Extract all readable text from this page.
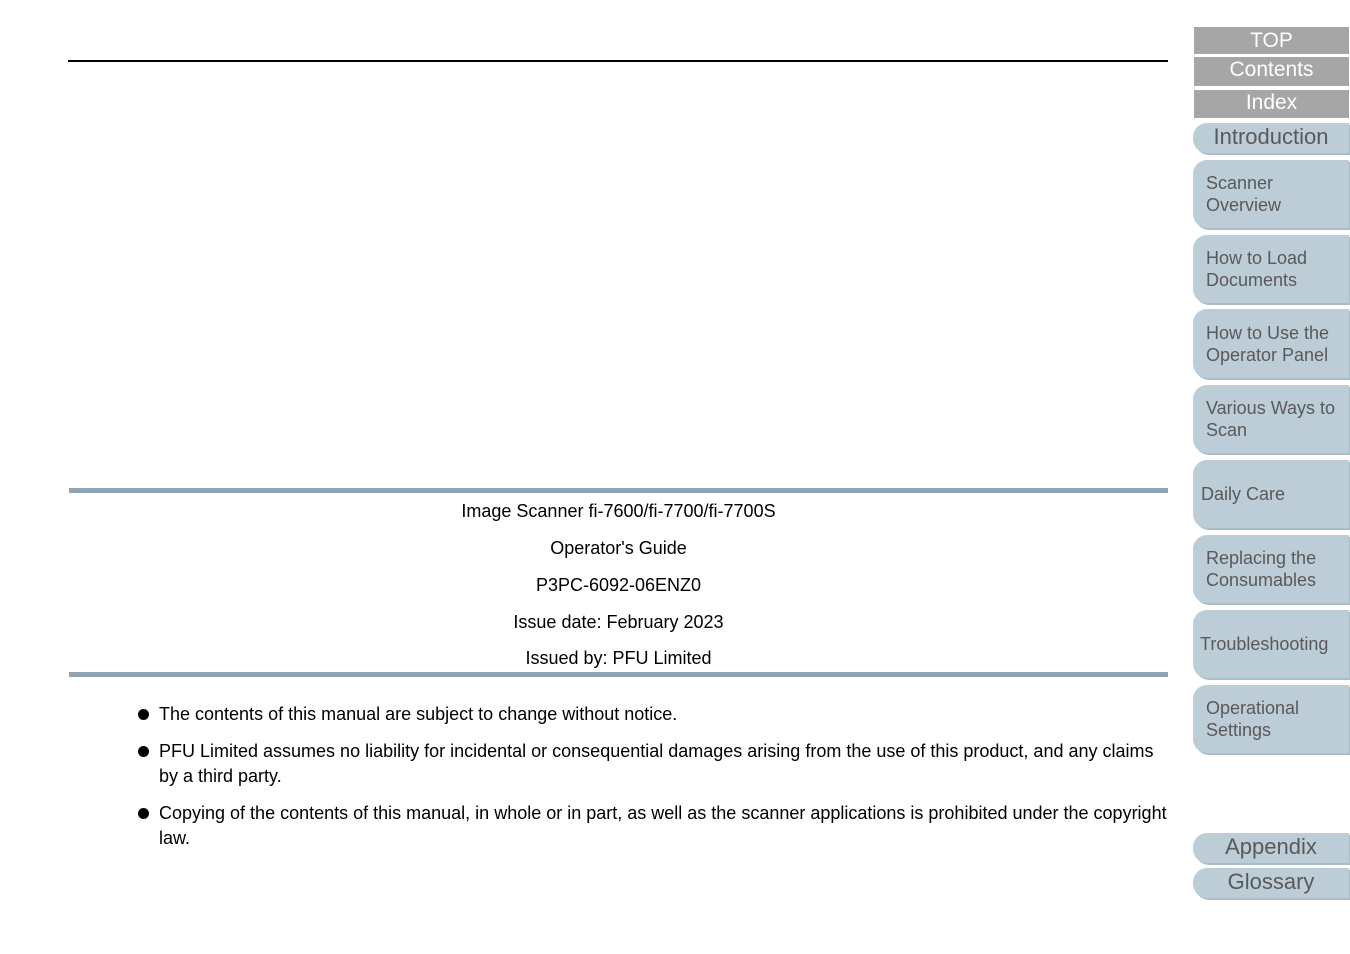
Image Scanner fi-7600/fi-7700/fi-7700S
Operator's Guide
P3PC-6092-06ENZ0
Issue date: February 2023
Issued by: PFU Limited
The contents of this manual are subject to change without notice.
PFU Limited assumes no liability for incidental or consequential damages arising from the use of this product, and any claims by a third party.
Copying of the contents of this manual, in whole or in part, as well as the scanner applications is prohibited under the copyright law.
TOP
Contents
Index
Introduction
Scanner Overview
How to Load Documents
How to Use the Operator Panel
Various Ways to Scan
Daily Care
Replacing the Consumables
Troubleshooting
Operational Settings
Appendix
Glossary
